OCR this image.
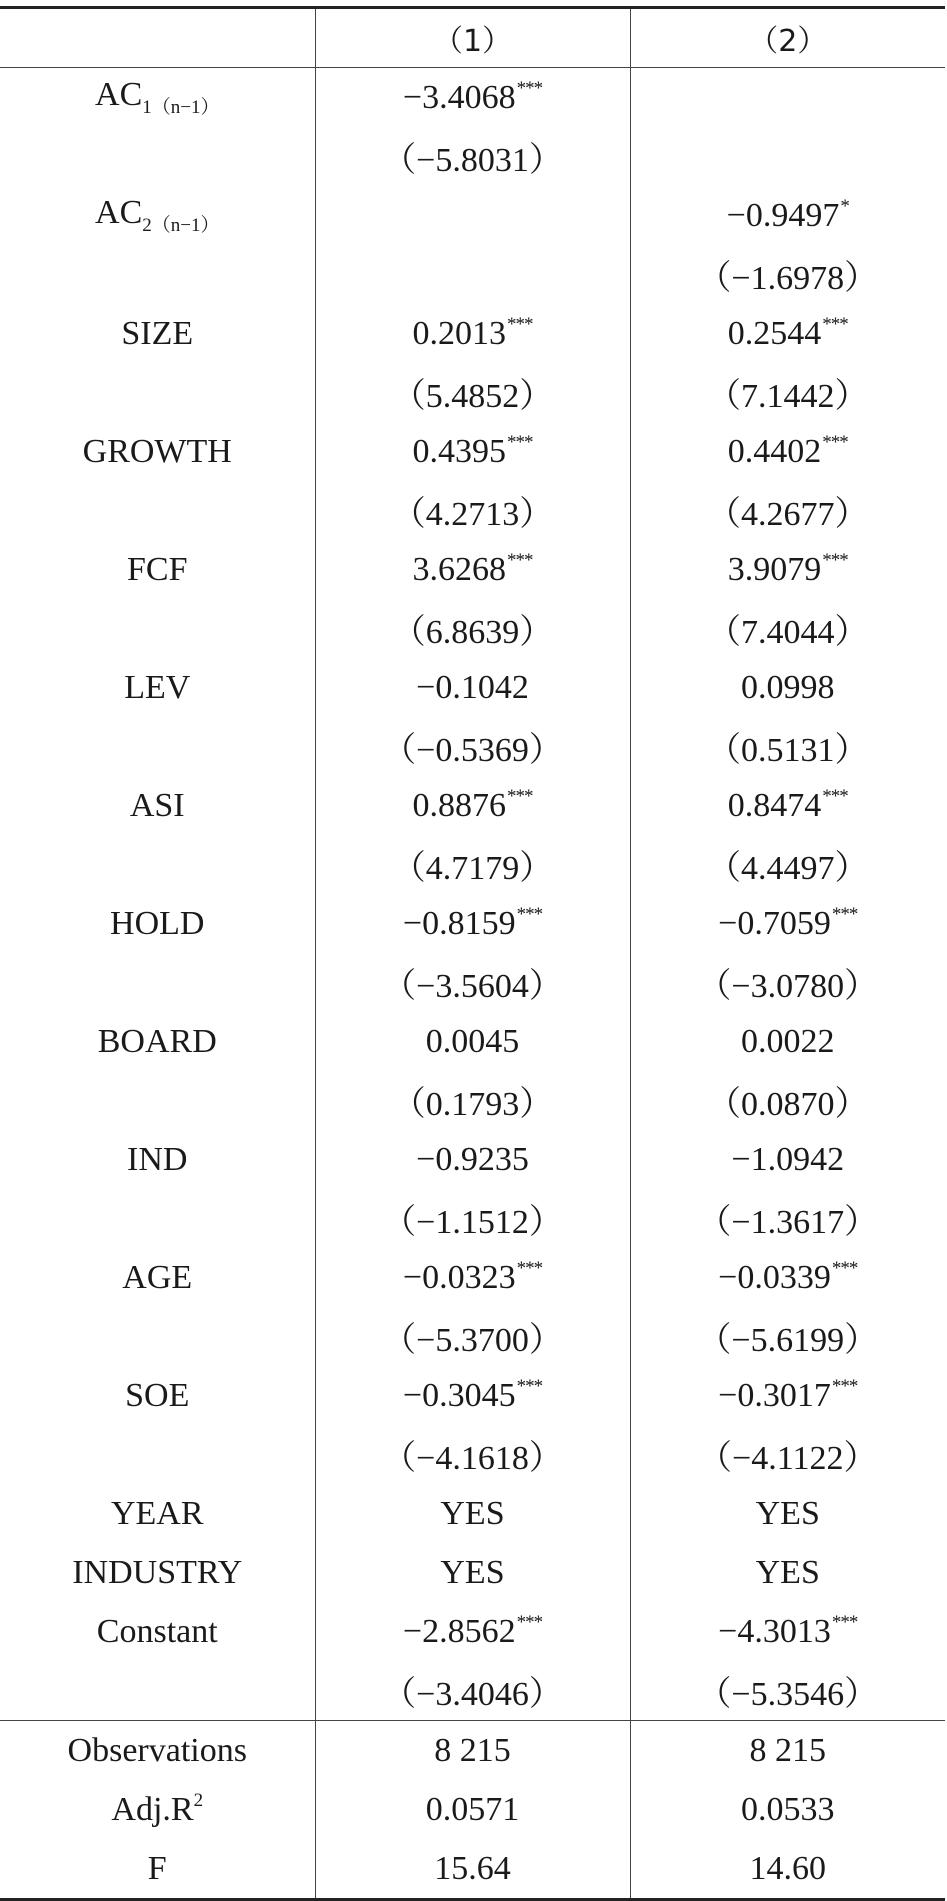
	（1）	（2）
$AC_{1(n-1)}$	−3.4068***	
	（−5.8031）	
$AC_{2(n-1)}$		−0.9497*
		（−1.6978）
SIZE	0.2013***	0.2544***
	（5.4852）	（7.1442）
GROWTH	0.4395***	0.4402***
	（4.2713）	（4.2677）
FCF	3.6268***	3.9079***
	（6.8639）	（7.4044）
LEV	−0.1042	0.0998
	（−0.5369）	（0.5131）
ASI	0.8876***	0.8474***
	（4.7179）	（4.4497）
HOLD	−0.8159***	−0.7059***
	（−3.5604）	（−3.0780）
BOARD	0.0045	0.0022
	（0.1793）	（0.0870）
IND	−0.9235	−1.0942
	（−1.1512）	（−1.3617）
AGE	−0.0323***	−0.0339***
	（−5.3700）	（−5.6199）
SOE	−0.3045***	−0.3017***
	（−4.1618）	（−4.1122）
YEAR	YES	YES
INDUSTRY	YES	YES
Constant	−2.8562***	−4.3013***
	（−3.4046）	（−5.3546）
Observations	8 215	8 215
$Adj.R^2$	0.0571	0.0533
F	15.64	14.60
